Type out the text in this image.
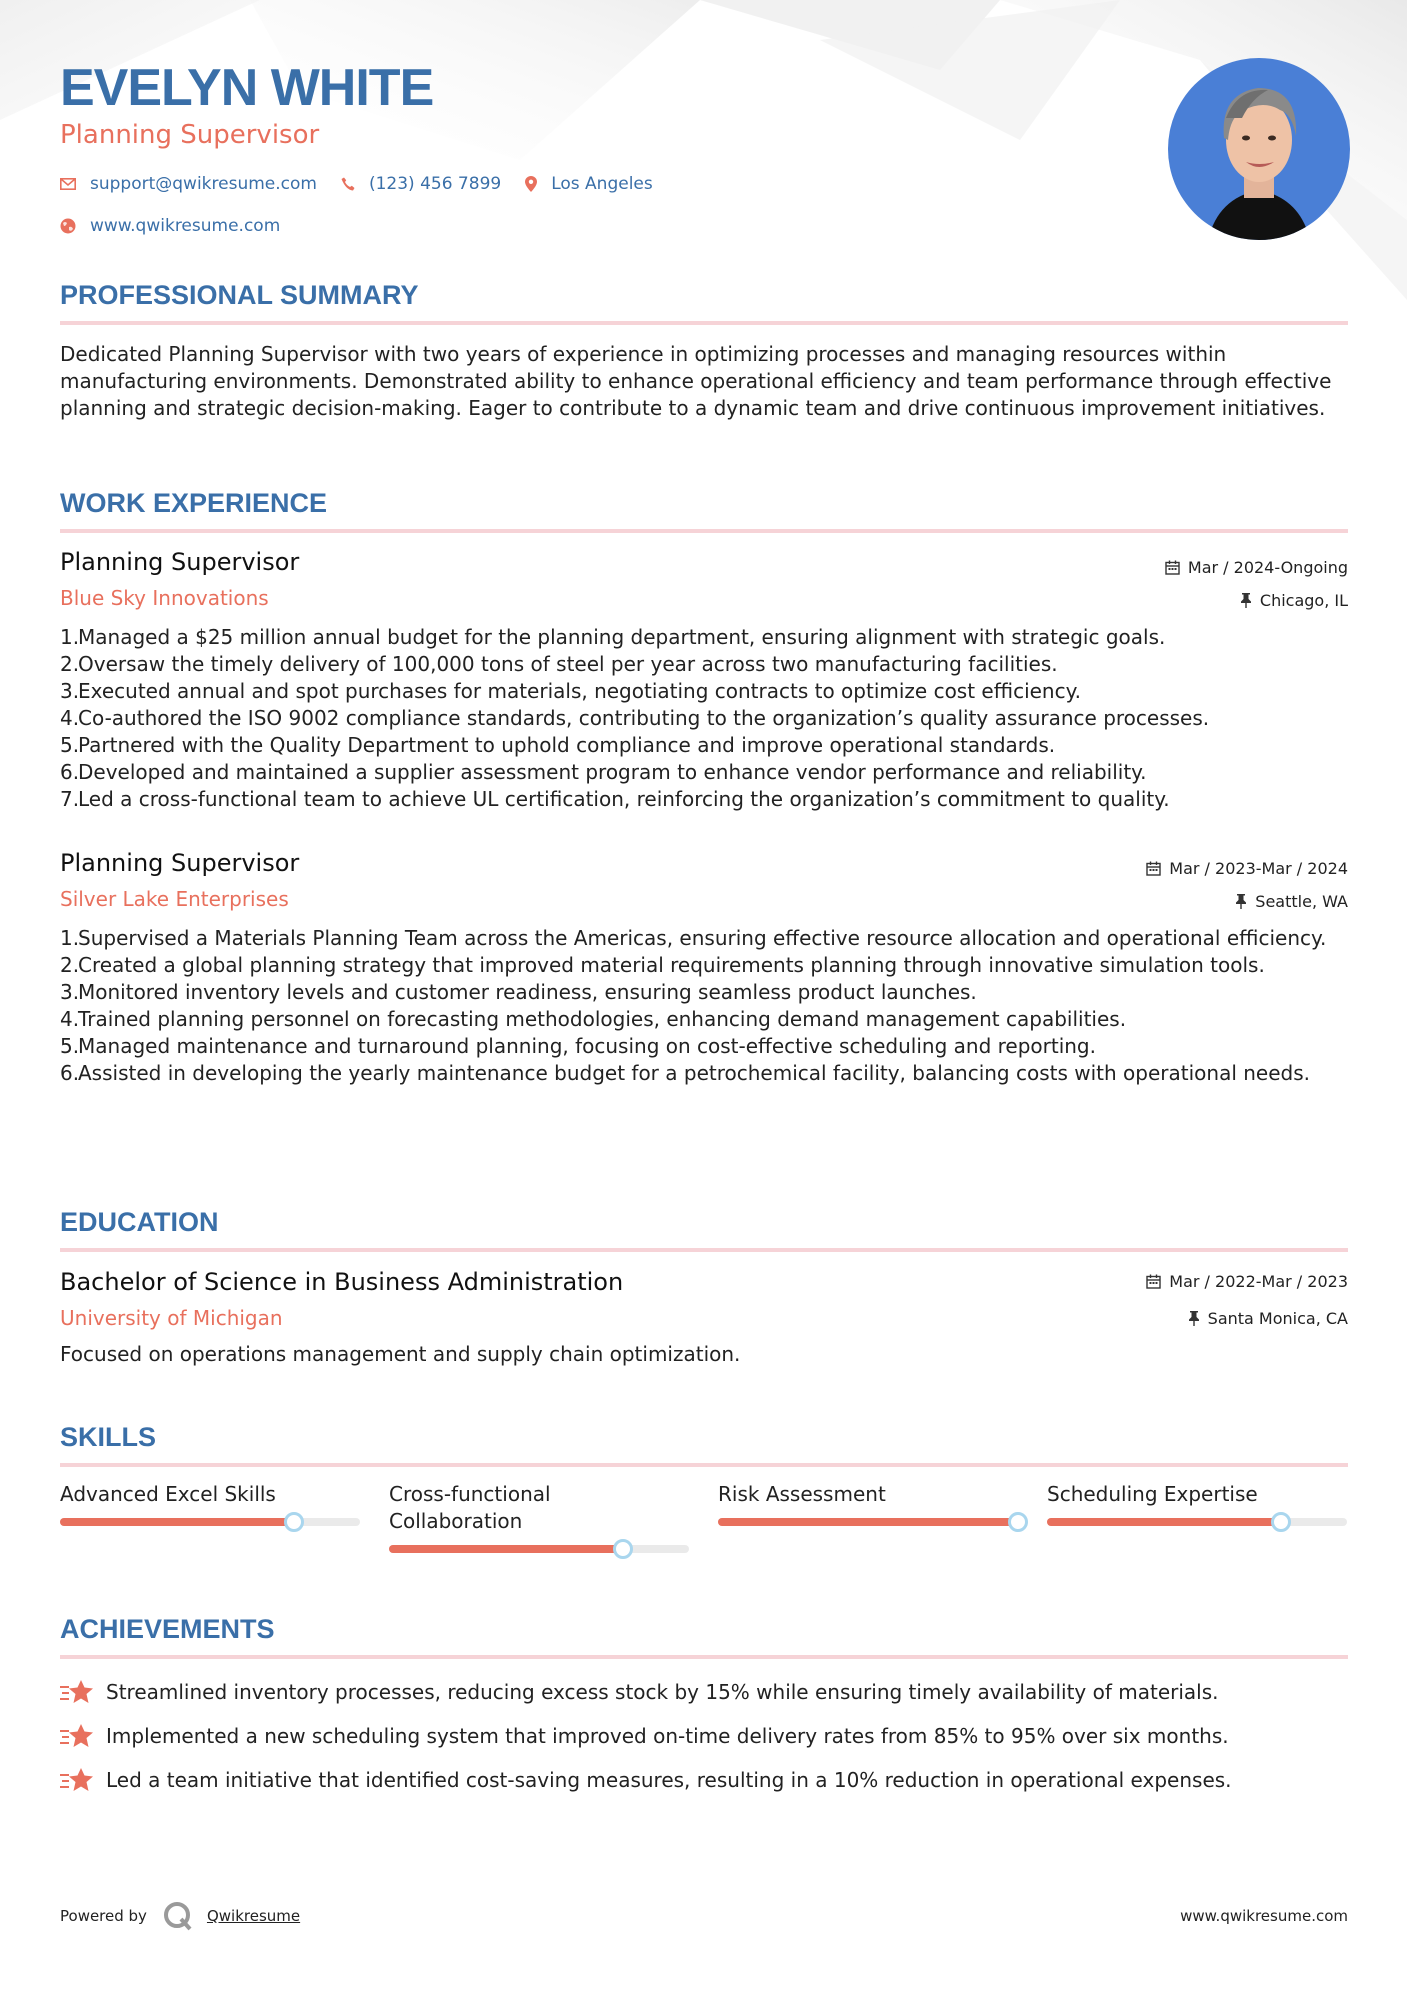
EVELYN WHITE
Planning Supervisor
support@qwikresume.com	(123) 456 7899	Los Angeles
www.qwikresume.com
PROFESSIONAL SUMMARY
Dedicated Planning Supervisor with two years of experience in optimizing processes and managing resources within manufacturing environments. Demonstrated ability to enhance operational efficiency and team performance through effective planning and strategic decision-making. Eager to contribute to a dynamic team and drive continuous improvement initiatives.
WORK EXPERIENCE
Planning Supervisor
Blue Sky Innovations
Mar / 2024-Ongoing
Chicago, IL
1.
Managed a $25 million annual budget for the planning department, ensuring alignment with strategic goals.
2.
Oversaw the timely delivery of 100,000 tons of steel per year across two manufacturing facilities.
3.
Executed annual and spot purchases for materials, negotiating contracts to optimize cost efficiency.
4.
Co-authored the ISO 9002 compliance standards, contributing to the organization’s quality assurance processes.
5.
Partnered with the Quality Department to uphold compliance and improve operational standards.
6.
Developed and maintained a supplier assessment program to enhance vendor performance and reliability.
7.
Led a cross-functional team to achieve UL certification, reinforcing the organization’s commitment to quality.
Planning Supervisor
Silver Lake Enterprises
Mar / 2023-Mar / 2024
Seattle, WA
1.
Supervised a Materials Planning Team across the Americas, ensuring effective resource allocation and operational efficiency.
2.
Created a global planning strategy that improved material requirements planning through innovative simulation tools.
3.
Monitored inventory levels and customer readiness, ensuring seamless product launches.
4.
Trained planning personnel on forecasting methodologies, enhancing demand management capabilities.
5.
Managed maintenance and turnaround planning, focusing on cost-effective scheduling and reporting.
6.
Assisted in developing the yearly maintenance budget for a petrochemical facility, balancing costs with operational needs.
EDUCATION
Bachelor of Science in Business Administration
University of Michigan
Mar / 2022-Mar / 2023
Santa Monica, CA
Focused on operations management and supply chain optimization.
SKILLS
Advanced Excel Skills	Cross-functional Collaboration
Risk Assessment	Scheduling Expertise
ACHIEVEMENTS
Streamlined inventory processes, reducing excess stock by 15% while ensuring timely availability of materials.
Implemented a new scheduling system that improved on-time delivery rates from 85% to 95% over six months.
Led a team initiative that identified cost-saving measures, resulting in a 10% reduction in operational expenses.
Powered by	Qwikresume	www.qwikresume.com
